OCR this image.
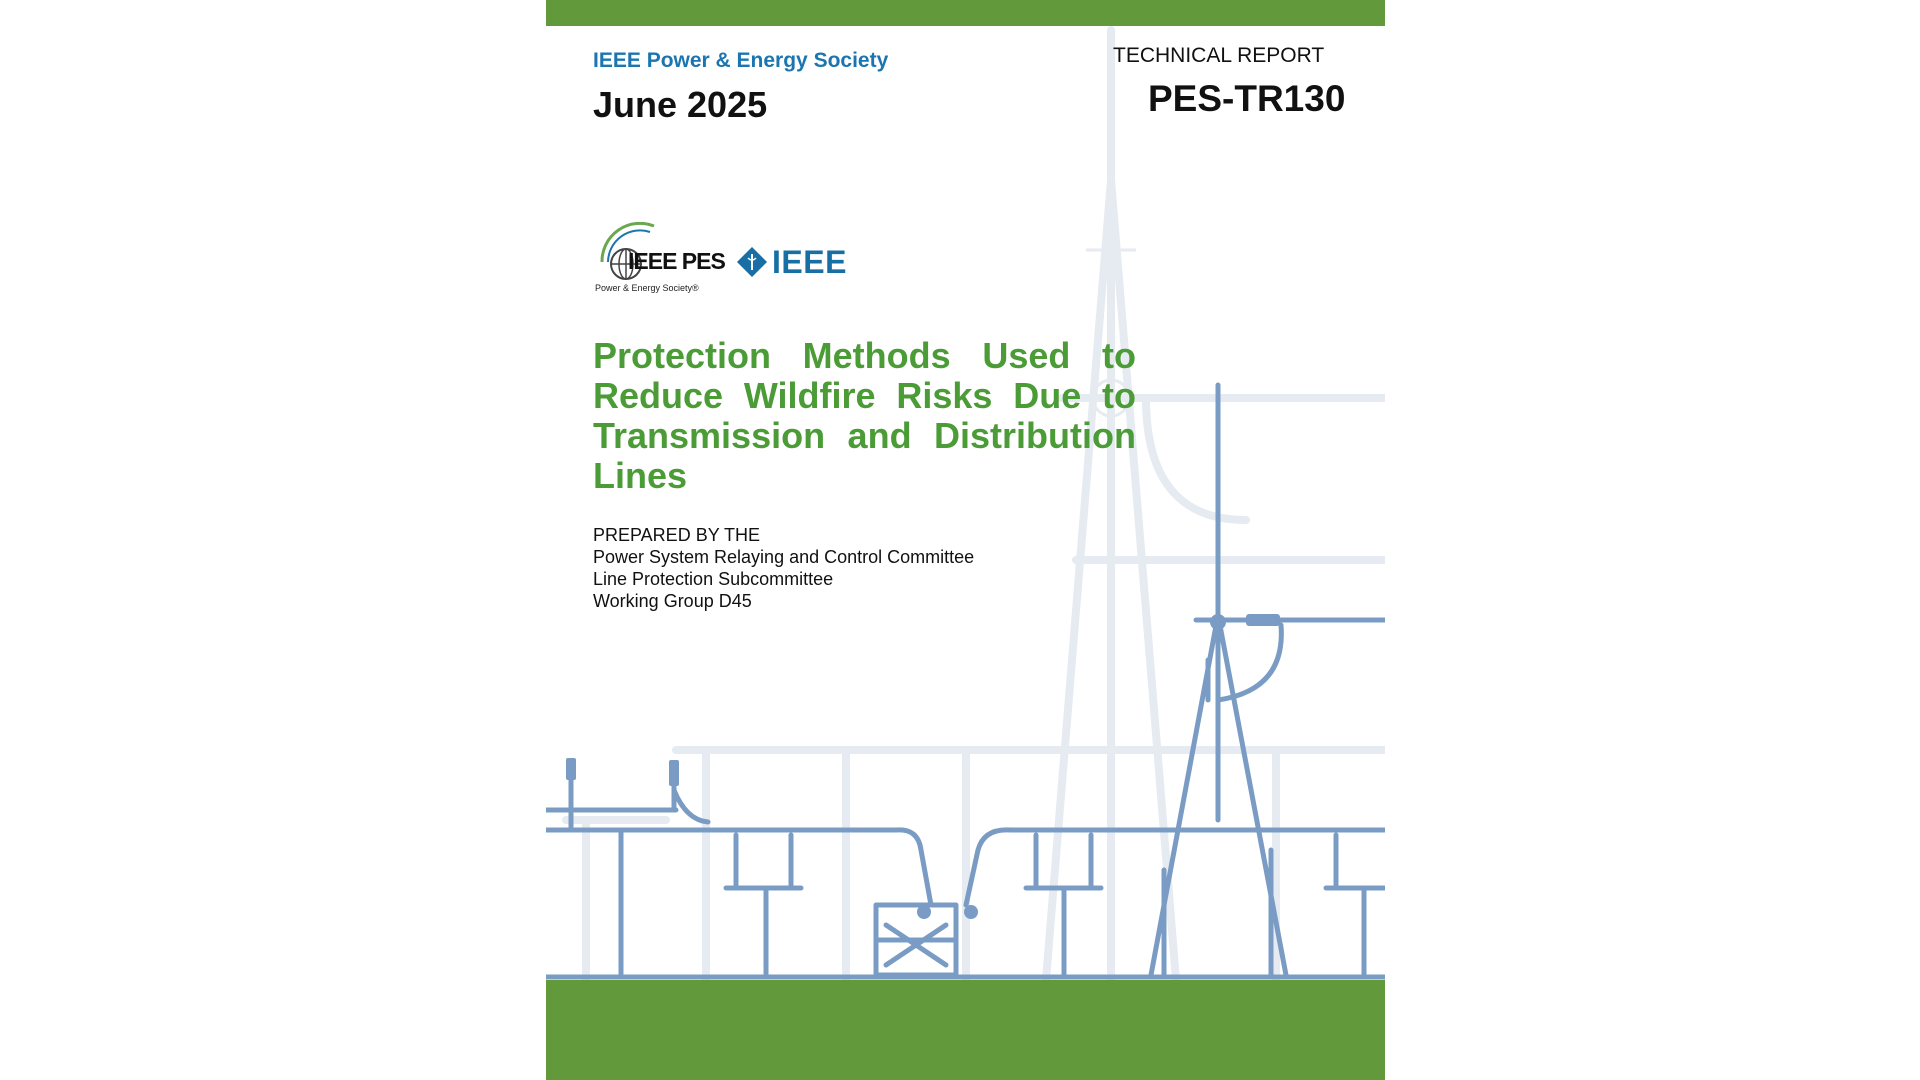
IEEE Power & Energy Society
June 2025
TECHNICAL REPORT
PES-TR130
IEEE PES
Power & Energy Society®
IEEE

Protection Methods Used to Reduce Wildfire Risks Due to Transmission and Distribution Lines

PREPARED BY THE
Power System Relaying and Control Committee
Line Protection Subcommittee
Working Group D45
